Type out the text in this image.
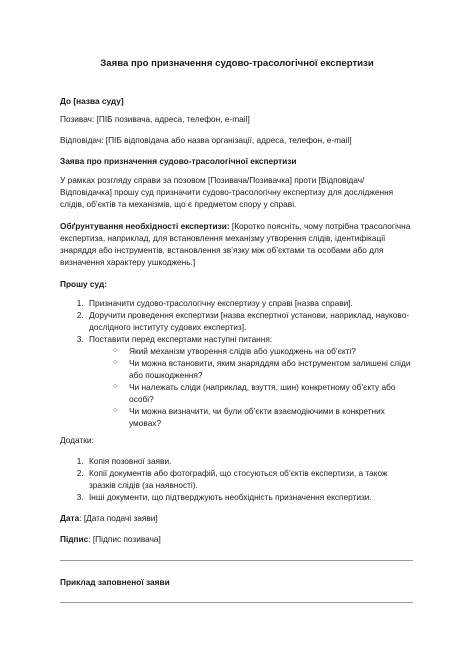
Заява про призначення судово-трасологічної експертизи
До [назва суду]
Позивач: [ПІБ позивача, адреса, телефон, e-mail]
Відповідач: [ПІБ відповідача або назва організації, адреса, телефон, e-mail]
Заява про призначення судово-трасологічної експертизи
У рамках розгляду справи за позовом [Позивача/Позивачка] проти [Відповідач/Відповідачка] прошу суд призначити судово-трасологічну експертизу для дослідження слідів, об’єктів та механізмів, що є предметом спору у справі.
Обґрунтування необхідності експертизи: [Коротко поясніть, чому потрібна трасологічна експертиза, наприклад, для встановлення механізму утворення слідів, ідентифікації знаряддя або інструментів, встановлення зв’язку між об’єктами та особами або для визначення характеру ушкоджень.]
Прошу суд:
1. Призначити судово-трасологічну експертизу у справі [назва справи].
2. Доручити проведення експертизи [назва експертної установи, наприклад, науково-дослідного інституту судових експертиз].
3. Поставити перед експертами наступні питання:
○ Який механізм утворення слідів або ушкоджень на об’єкті?
○ Чи можна встановити, яким знаряддям або інструментом залишені сліди або пошкодження?
○ Чи належать сліди (наприклад, взуття, шин) конкретному об’єкту або особі?
○ Чи можна визначити, чи були об’єкти взаємодіючими в конкретних умовах?
Додатки:
1. Копія позовної заяви.
2. Копії документів або фотографій, що стосуються об’єктів експертизи, а також зразків слідів (за наявності).
3. Інші документи, що підтверджують необхідність призначення експертизи.
Дата: [Дата подачі заяви]
Підпис: [Підпис позивача]
Приклад заповненої заяви
